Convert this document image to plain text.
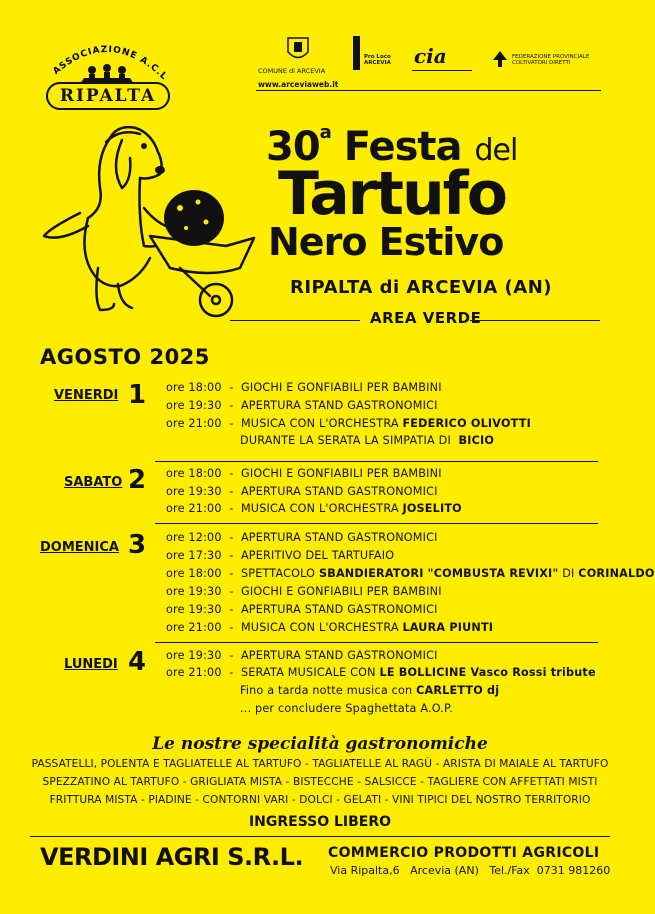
ASSOCIAZIONE A.C.L
RIPALTA
COMUNE di ARCEVIA
Pro Loco ARCEVIA cia	FEDERAZIONE PROVINCIALE COLTIVATORI DIRETTI
www.arceviaweb.it
30$^a$ Festa del
Tartufo
Nero Estivo
RIPALTA di ARCEVIA (AN)
AREA VERDE
AGOSTO 2025
VENERDI 1 ore 18:00  -  GIOCHI E GONFIABILI PER BAMBINI
ore 19:30  -  APERTURA STAND GASTRONOMICI
ore 21:00  -  MUSICA CON L'ORCHESTRA FEDERICO OLIVOTTI
DURANTE LA SERATA LA SIMPATIA DI BICIO
SABATO 2 ore 18:00  -  GIOCHI E GONFIABILI PER BAMBINI
ore 19:30  -  APERTURA STAND GASTRONOMICI
ore 21:00  -  MUSICA CON L'ORCHESTRA JOSELITO
DOMENICA 3 ore 12:00  -  APERTURA STAND GASTRONOMICI
ore 17:30  -  APERITIVO DEL TARTUFAIO
ore 18:00  -  SPETTACOLO SBANDIERATORI "COMBUSTA REVIXI" DI CORINALDO
ore 19:30  -  GIOCHI E GONFIABILI PER BAMBINI
ore 19:30  -  APERTURA STAND GASTRONOMICI
ore 21:00  -  MUSICA CON L'ORCHESTRA LAURA PIUNTI
LUNEDI 4 ore 19:30  -  APERTURA STAND GASTRONOMICI
ore 21:00  -  SERATA MUSICALE CON LE BOLLICINE Vasco Rossi tribute
Fino a tarda notte musica con CARLETTO dj
... per concludere Spaghettata A.O.P.
Le nostre specialità gastronomiche
PASSATELLI, POLENTA E TAGLIATELLE AL TARTUFO - TAGLIATELLE AL RAGÙ - ARISTA DI MAIALE AL TARTUFO
SPEZZATINO AL TARTUFO - GRIGLIATA MISTA - BISTECCHE - SALSICCE - TAGLIERE CON AFFETTATI MISTI
FRITTURA MISTA - PIADINE - CONTORNI VARI - DOLCI - GELATI - VINI TIPICI DEL NOSTRO TERRITORIO
INGRESSO LIBERO
VERDINI AGRI S.R.L. COMMERCIO PRODOTTI AGRICOLI
Via Ripalta,6   Arcevia (AN)   Tel./Fax  0731 981260
